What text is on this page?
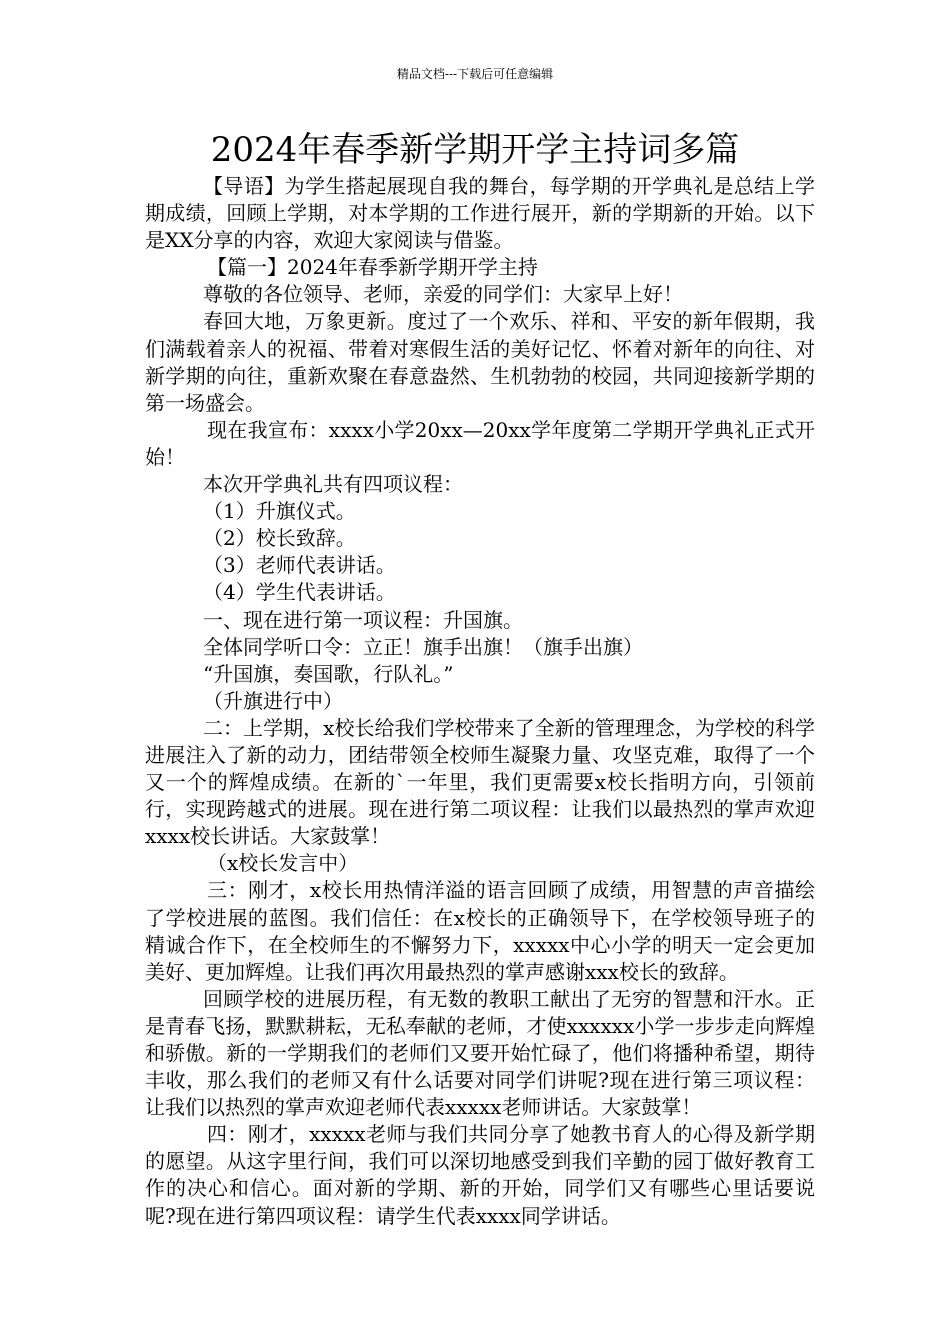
精品文档---下载后可任意编辑
2024年春季新学期开学主持词多篇

【导语】为学生搭起展现自我的舞台，每学期的开学典礼是总结上学期成绩，回顾上学期，对本学期的工作进行展开，新的学期新的开始。以下是XX分享的内容，欢迎大家阅读与借鉴。

【篇一】2024年春季新学期开学主持

尊敬的各位领导、老师，亲爱的同学们：大家早上好！

春回大地，万象更新。度过了一个欢乐、祥和、平安的新年假期，我们满载着亲人的祝福、带着对寒假生活的美好记忆、怀着对新年的向往、对新学期的向往，重新欢聚在春意盎然、生机勃勃的校园，共同迎接新学期的第一场盛会。

现在我宣布：xxxx小学20xx—20xx学年度第二学期开学典礼正式开始！

本次开学典礼共有四项议程：

（1）升旗仪式。

（2）校长致辞。

（3）老师代表讲话。

（4）学生代表讲话。

一、现在进行第一项议程：升国旗。

全体同学听口令：立正！旗手出旗！（旗手出旗）

“升国旗，奏国歌，行队礼。”

（升旗进行中）

二：上学期，x校长给我们学校带来了全新的管理理念，为学校的科学进展注入了新的动力，团结带领全校师生凝聚力量、攻坚克难，取得了一个又一个的辉煌成绩。在新的`一年里，我们更需要x校长指明方向，引领前行，实现跨越式的进展。现在进行第二项议程：让我们以最热烈的掌声欢迎xxxx校长讲话。大家鼓掌！

（x校长发言中）

三：刚才，x校长用热情洋溢的语言回顾了成绩，用智慧的声音描绘了学校进展的蓝图。我们信任：在x校长的正确领导下，在学校领导班子的精诚合作下，在全校师生的不懈努力下，xxxxx中心小学的明天一定会更加美好、更加辉煌。让我们再次用最热烈的掌声感谢xxx校长的致辞。

回顾学校的进展历程，有无数的教职工献出了无穷的智慧和汗水。正是青春飞扬，默默耕耘，无私奉献的老师，才使xxxxxx小学一步步走向辉煌和骄傲。新的一学期我们的老师们又要开始忙碌了，他们将播种希望，期待丰收，那么我们的老师又有什么话要对同学们讲呢?现在进行第三项议程：让我们以热烈的掌声欢迎老师代表xxxxx老师讲话。大家鼓掌！

四：刚才，xxxxx老师与我们共同分享了她教书育人的心得及新学期的愿望。从这字里行间，我们可以深切地感受到我们辛勤的园丁做好教育工作的决心和信心。面对新的学期、新的开始，同学们又有哪些心里话要说呢?现在进行第四项议程：请学生代表xxxx同学讲话。
